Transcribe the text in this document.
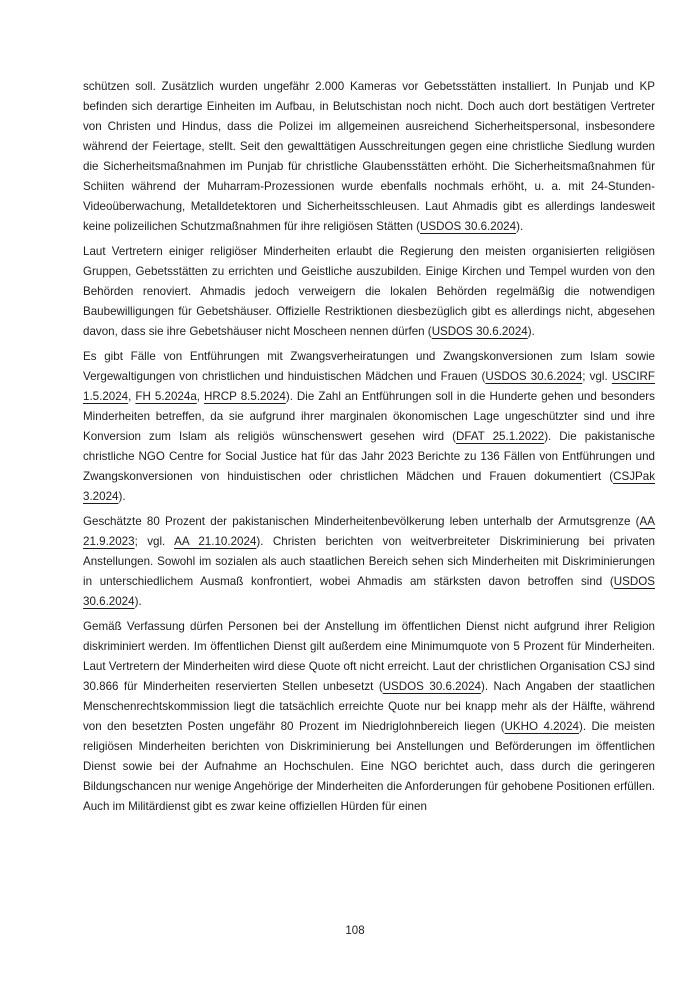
schützen soll. Zusätzlich wurden ungefähr 2.000 Kameras vor Gebetsstätten installiert. In Punjab und KP befinden sich derartige Einheiten im Aufbau, in Belutschistan noch nicht. Doch auch dort bestätigen Vertreter von Christen und Hindus, dass die Polizei im allgemeinen ausreichend Sicherheitspersonal, insbesondere während der Feiertage, stellt. Seit den gewalttätigen Ausschreitungen gegen eine christliche Siedlung wurden die Sicherheitsmaßnahmen im Punjab für christliche Glaubensstätten erhöht. Die Sicherheitsmaßnahmen für Schiiten während der Muharram-Prozessionen wurde ebenfalls nochmals erhöht, u. a. mit 24-Stunden-Videoüberwachung, Metalldetektoren und Sicherheitsschleusen. Laut Ahmadis gibt es allerdings landesweit keine polizeilichen Schutzmaßnahmen für ihre religiösen Stätten (USDOS 30.6.2024).

Laut Vertretern einiger religiöser Minderheiten erlaubt die Regierung den meisten organisierten religiösen Gruppen, Gebetsstätten zu errichten und Geistliche auszubilden. Einige Kirchen und Tempel wurden von den Behörden renoviert. Ahmadis jedoch verweigern die lokalen Behörden regelmäßig die notwendigen Baubewilligungen für Gebetshäuser. Offizielle Restriktionen diesbezüglich gibt es allerdings nicht, abgesehen davon, dass sie ihre Gebetshäuser nicht Moscheen nennen dürfen (USDOS 30.6.2024).

Es gibt Fälle von Entführungen mit Zwangsverheiratungen und Zwangskonversionen zum Islam sowie Vergewaltigungen von christlichen und hinduistischen Mädchen und Frauen (USDOS 30.6.2024; vgl. USCIRF 1.5.2024, FH 5.2024a, HRCP 8.5.2024). Die Zahl an Entführungen soll in die Hunderte gehen und besonders Minderheiten betreffen, da sie aufgrund ihrer marginalen ökonomischen Lage ungeschützter sind und ihre Konversion zum Islam als religiös wünschenswert gesehen wird (DFAT 25.1.2022). Die pakistanische christliche NGO Centre for Social Justice hat für das Jahr 2023 Berichte zu 136 Fällen von Entführungen und Zwangskonversionen von hinduistischen oder christlichen Mädchen und Frauen dokumentiert (CSJPak 3.2024).

Geschätzte 80 Prozent der pakistanischen Minderheitenbevölkerung leben unterhalb der Armutsgrenze (AA 21.9.2023; vgl. AA 21.10.2024). Christen berichten von weitverbreiteter Diskriminierung bei privaten Anstellungen. Sowohl im sozialen als auch staatlichen Bereich sehen sich Minderheiten mit Diskriminierungen in unterschiedlichem Ausmaß konfrontiert, wobei Ahmadis am stärksten davon betroffen sind (USDOS 30.6.2024).

Gemäß Verfassung dürfen Personen bei der Anstellung im öffentlichen Dienst nicht aufgrund ihrer Religion diskriminiert werden. Im öffentlichen Dienst gilt außerdem eine Minimumquote von 5 Prozent für Minderheiten. Laut Vertretern der Minderheiten wird diese Quote oft nicht erreicht. Laut der christlichen Organisation CSJ sind 30.866 für Minderheiten reservierten Stellen unbesetzt (USDOS 30.6.2024). Nach Angaben der staatlichen Menschenrechtskommission liegt die tatsächlich erreichte Quote nur bei knapp mehr als der Hälfte, während von den besetzten Posten ungefähr 80 Prozent im Niedriglohnbereich liegen (UKHO 4.2024). Die meisten religiösen Minderheiten berichten von Diskriminierung bei Anstellungen und Beförderungen im öffentlichen Dienst sowie bei der Aufnahme an Hochschulen. Eine NGO berichtet auch, dass durch die geringeren Bildungschancen nur wenige Angehörige der Minderheiten die Anforderungen für gehobene Positionen erfüllen. Auch im Militärdienst gibt es zwar keine offiziellen Hürden für einen

108
